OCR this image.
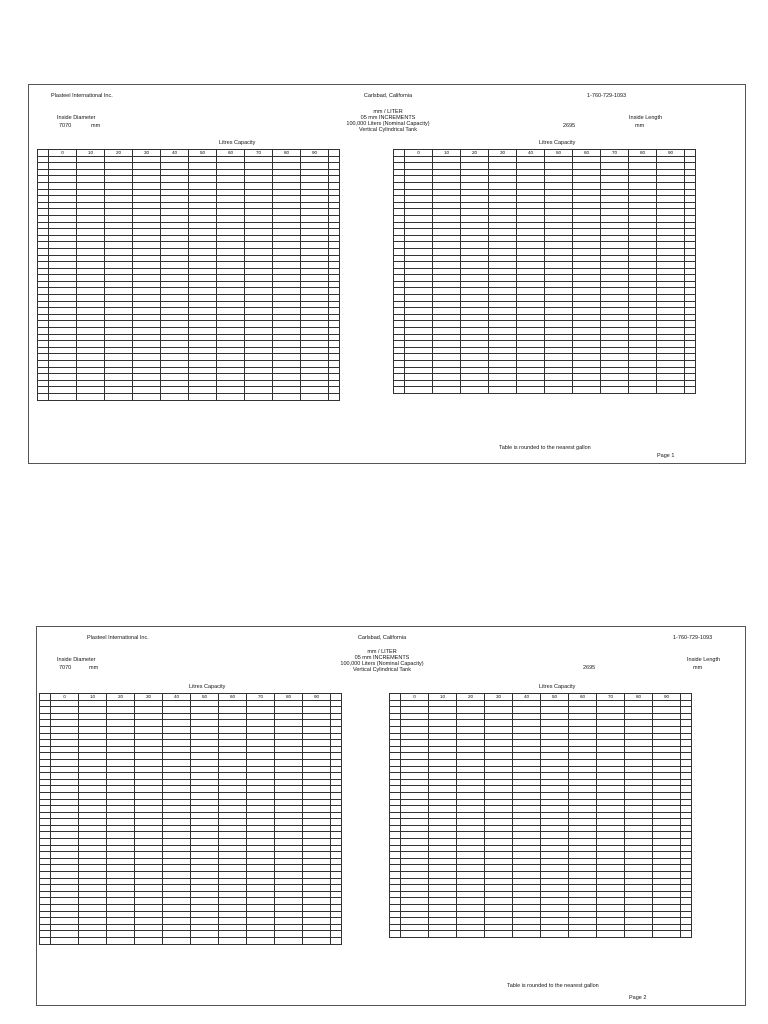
Plasteel International Inc.	Carlsbad, California	1-760-729-1093
mm / LITER
05 mm INCREMENTS
100,000 Liters (Nominal Capacity)
Vertical Cylindrical Tank
Inside Diameter
7070	mm
Inside Length
2695	mm
Litres Capacity	Litres Capacity
Table is rounded to the nearest gallon
Page 1
	0	10	20	30	40	50	60	70	80	90	

		0	10	20	30	40	50	60	70	80	90	

Plasteel International Inc.	Carlsbad, California	1-760-729-1093
mm / LITER
05 mm INCREMENTS
100,000 Liters (Nominal Capacity)
Vertical Cylindrical Tank
Inside Diameter
7070	mm
Inside Length
2695	mm
Litres Capacity	Litres Capacity
Table is rounded to the nearest gallon
Page 2
	0	10	20	30	40	50	60	70	80	90	

		0	10	20	30	40	50	60	70	80	90	
